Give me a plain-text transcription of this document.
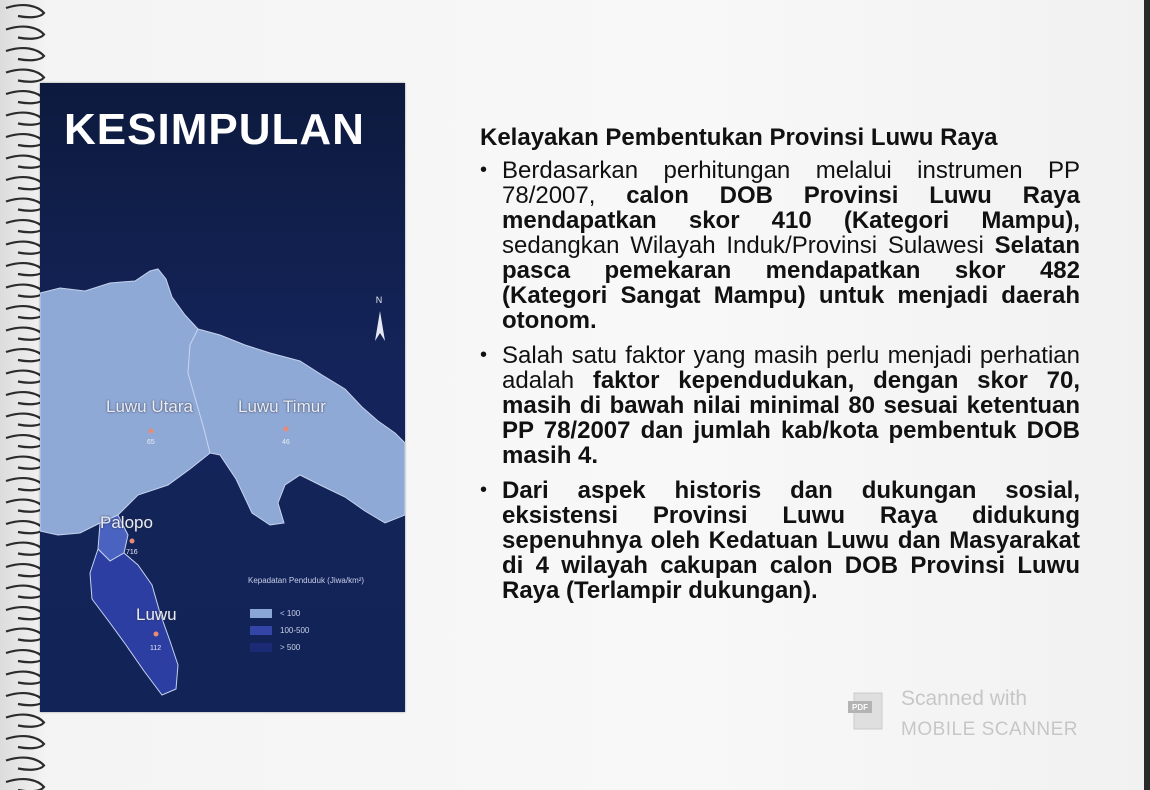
KESIMPULAN
N
Luwu Utara
65
Luwu Timur
46
Palopo
716
Luwu
112
Kepadatan Penduduk (Jiwa/km²)
< 100
100-500
> 500
Kelayakan Pembentukan Provinsi Luwu Raya
• Berdasarkan perhitungan melalui instrumen PP 78/2007, calon DOB Provinsi Luwu Raya mendapatkan skor 410 (Kategori Mampu), sedangkan Wilayah Induk/Provinsi Sulawesi Selatan pasca pemekaran mendapatkan skor 482 (Kategori Sangat Mampu) untuk menjadi daerah otonom.
• Salah satu faktor yang masih perlu menjadi perhatian adalah faktor kependudukan, dengan skor 70, masih di bawah nilai minimal 80 sesuai ketentuan PP 78/2007 dan jumlah kab/kota pembentuk DOB masih 4.
• Dari aspek historis dan dukungan sosial, eksistensi Provinsi Luwu Raya didukung sepenuhnya oleh Kedatuan Luwu dan Masyarakat di 4 wilayah cakupan calon DOB Provinsi Luwu Raya (Terlampir dukungan).
PDF Scanned with
MOBILE SCANNER
